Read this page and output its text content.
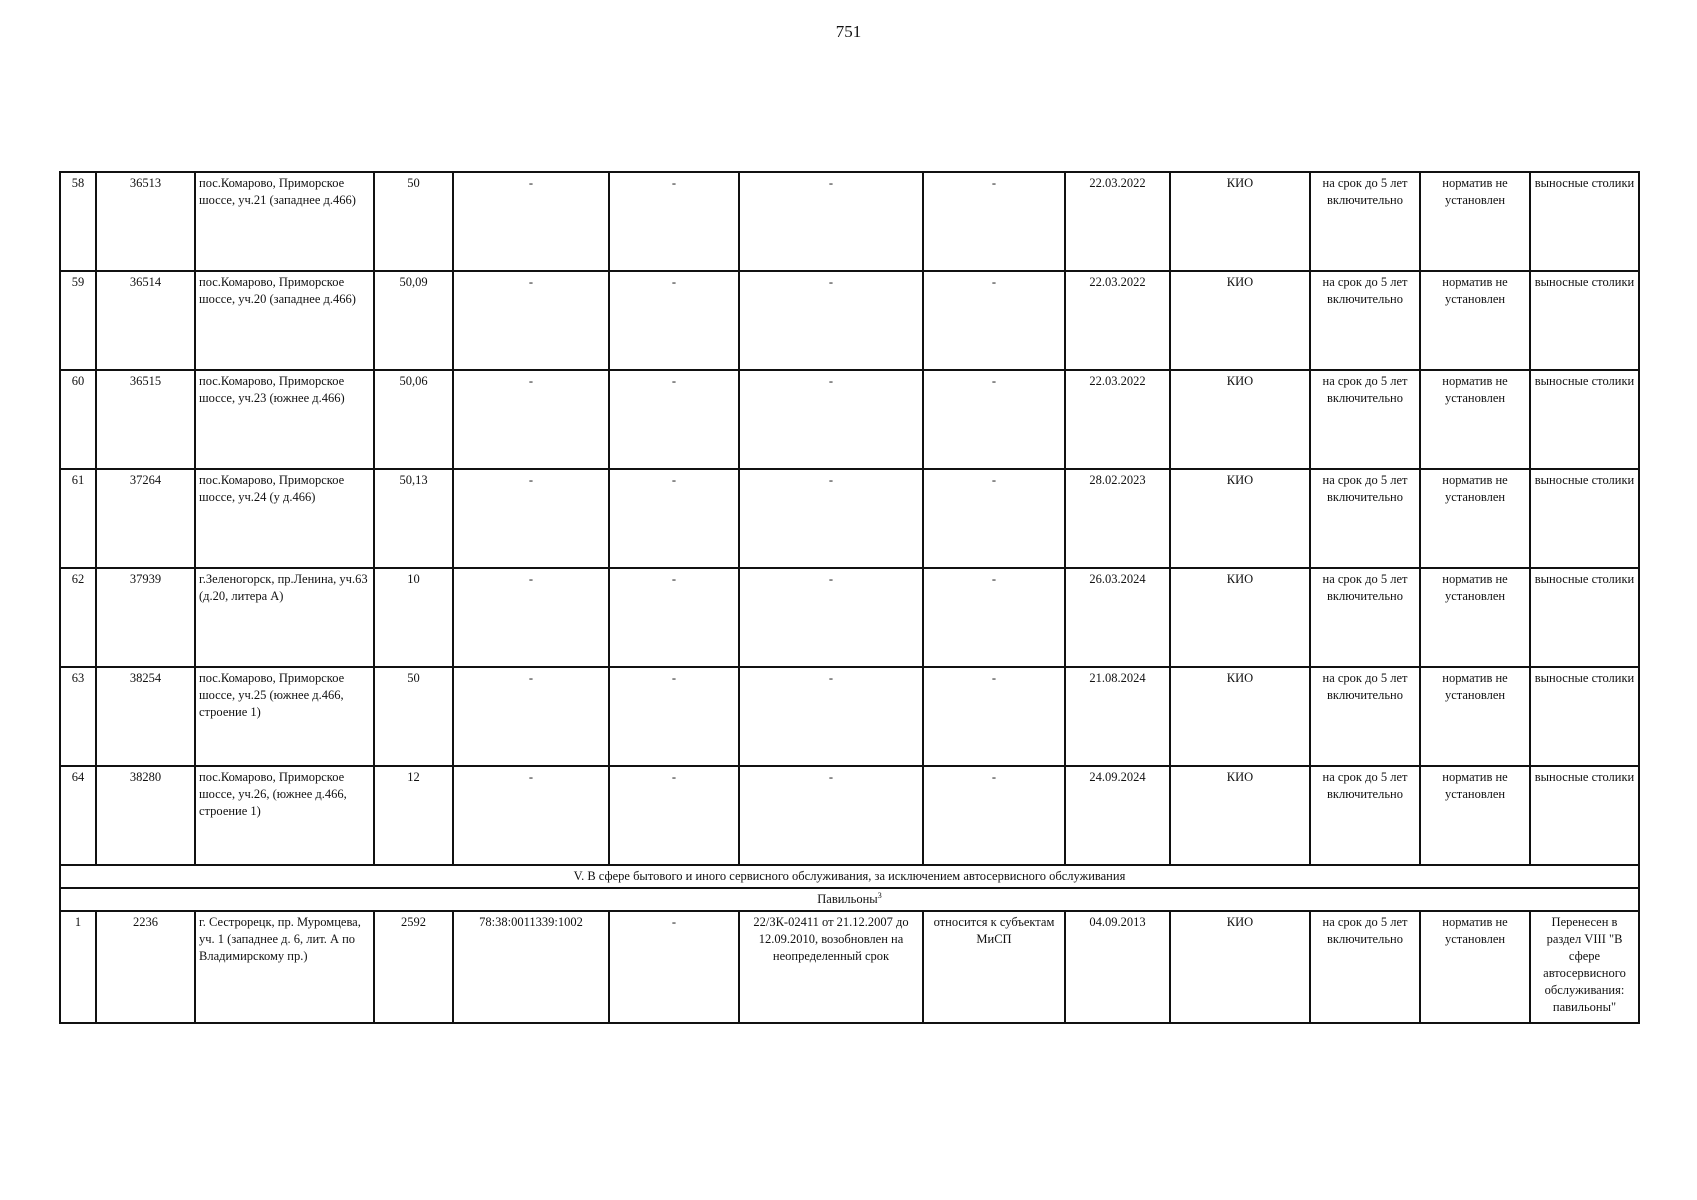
751
58	36513	пос.Комарово, Приморское шоссе, уч.21 (западнее д.466)	50	-	-	-	-	22.03.2022	КИО	на срок до 5 лет включительно	норматив не установлен	выносные столики
59	36514	пос.Комарово, Приморское шоссе, уч.20 (западнее д.466)	50,09	-	-	-	-	22.03.2022	КИО	на срок до 5 лет включительно	норматив не установлен	выносные столики
60	36515	пос.Комарово, Приморское шоссе, уч.23 (южнее д.466)	50,06	-	-	-	-	22.03.2022	КИО	на срок до 5 лет включительно	норматив не установлен	выносные столики
61	37264	пос.Комарово, Приморское шоссе, уч.24 (у д.466)	50,13	-	-	-	-	28.02.2023	КИО	на срок до 5 лет включительно	норматив не установлен	выносные столики
62	37939	г.Зеленогорск, пр.Ленина, уч.63 (д.20, литера А)	10	-	-	-	-	26.03.2024	КИО	на срок до 5 лет включительно	норматив не установлен	выносные столики
63	38254	пос.Комарово, Приморское шоссе, уч.25 (южнее д.466, строение 1)	50	-	-	-	-	21.08.2024	КИО	на срок до 5 лет включительно	норматив не установлен	выносные столики
64	38280	пос.Комарово, Приморское шоссе, уч.26, (южнее д.466, строение 1)	12	-	-	-	-	24.09.2024	КИО	на срок до 5 лет включительно	норматив не установлен	выносные столики
V. В сфере бытового и иного сервисного обслуживания, за исключением автосервисного обслуживания												
Павильоны$^3$
1	2236	г. Сестрорецк, пр. Муромцева, уч. 1 (западнее д. 6, лит. А по Владимирскому пр.)	2592	78:38:0011339:1002	-	22/ЗК-02411 от 21.12.2007 до 12.09.2010, возобновлен на неопределенный срок	относится к субъектам МиСП	04.09.2013	КИО	на срок до 5 лет включительно	норматив не установлен	Перенесен в раздел VIII "В сфере автосервисного обслуживания: павильоны"
